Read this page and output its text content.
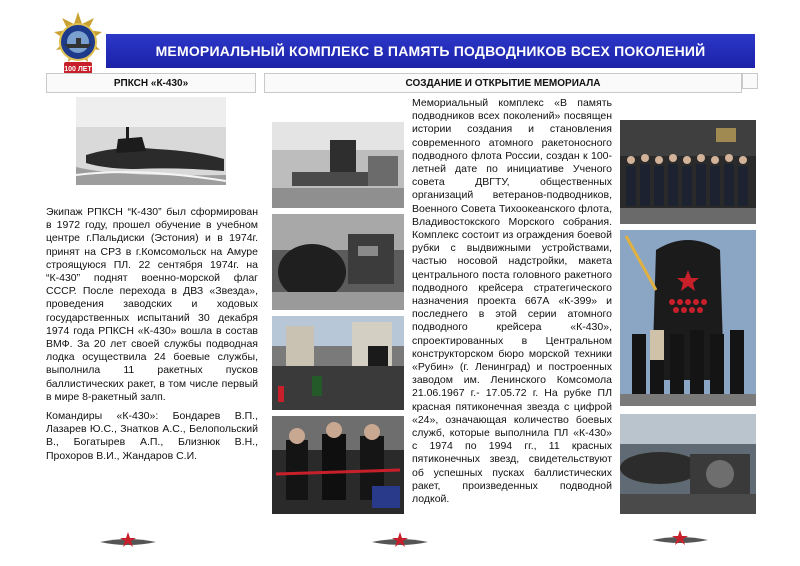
100 ЛЕТ
МЕМОРИАЛЬНЫЙ КОМПЛЕКС В ПАМЯТЬ ПОДВОДНИКОВ ВСЕХ ПОКОЛЕНИЙ
РПКСН «К-430»	СОЗДАНИЕ И ОТКРЫТИЕ МЕМОРИАЛА

Экипаж РПКСН “К-430” был сформирован в 1972 году, прошел обучение в учебном центре г.Пальдиски (Эстония) и в 1974г. принят на СРЗ в г.Комсомольск на Амуре строящуюся ПЛ. 22 сентября 1974г. на “К-430” поднят военно-морской флаг СССР. После перехода в ДВЗ «Звезда», проведения заводских и ходовых государственных испытаний 30 декабря 1974 года РПКСН «К-430» вошла в состав ВМФ. За 20 лет своей службы подводная лодка осуществила 24 боевые службы, выполнила 11 ракетных пусков баллистических ракет, в том числе первый в мире 8-ракетный залп.

Командиры «К-430»: Бондарев В.П., Лазарев Ю.С., Знатков А.С., Белопольский В., Богатырев А.П., Близнюк В.Н., Прохоров В.И., Жандаров С.И.

Мемориальный комплекс «В память подводников всех поколений» посвящен истории создания и становления современного атомного ракетоносного подводного флота России, создан к 100-летней дате по инициативе Ученого совета ДВГТУ, общественных организаций ветеранов-подводников, Военного Совета Тихоокеанского флота, Владивостокского Морского собрания. Комплекс состоит из ограждения боевой рубки с выдвижными устройствами, частью носовой надстройки, макета центрального поста головного ракетного подводного крейсера стратегического назначения проекта 667А «К-399» и последнего в этой серии атомного подводного крейсера «К-430», спроектированных в Центральном конструкторском бюро морской техники «Рубин» (г. Ленинград) и построенных заводом им. Ленинского Комсомола 21.06.1967 г.- 17.05.72 г. На рубке ПЛ красная пятиконечная звезда с цифрой «24», означающая количество боевых служб, которые выполнила ПЛ «К-430» с 1974 по 1994 гг., 11 красных пятиконечных звезд, свидетельствуют об успешных пусках баллистических ракет, произведенных подводной лодкой.
